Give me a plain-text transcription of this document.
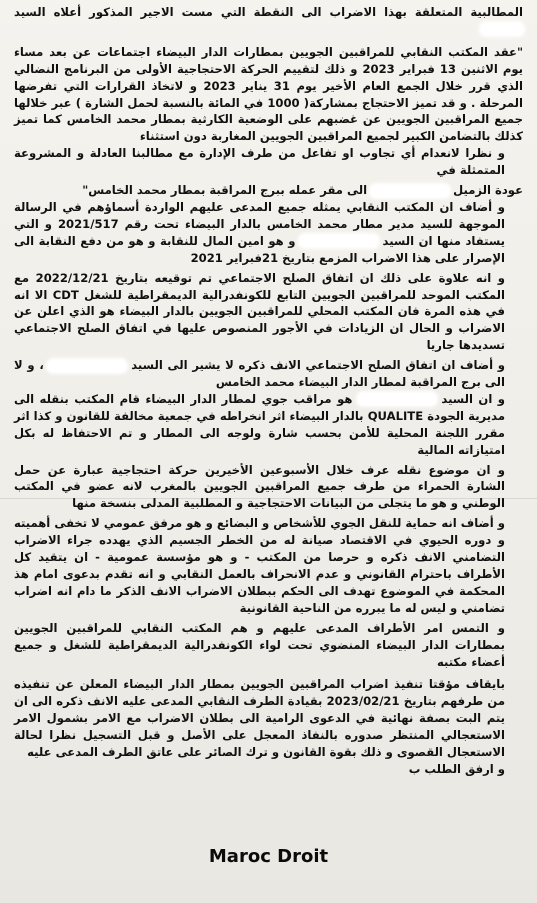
المطالبية المتعلقة بهذا الاضراب الى النقطة التي مست الاجير المذكور أعلاه السيد

"عقد المكتب النقابي للمراقبين الجويين بمطارات الدار البيضاء اجتماعات عن بعد مساء يوم الاثنين 13 فبراير 2023 و ذلك لتقييم الحركة الاحتجاجية الأولى من البرنامج النضالي الذي قرر خلال الجمع العام الأخير يوم 31 يناير 2023 و لاتخاذ القرارات التي تفرضها المرحلة . و قد تميز الاحتجاج بمشاركة( 1000 في المائة بالنسبة لحمل الشارة ) عبر خلالها جميع المراقبين الجويين عن غضبهم على الوضعية الكارثية بمطار محمد الخامس كما تميز كذلك بالتضامن الكبير لجميع المراقبين الجويين المغاربة دون استثناء

و نظرا لانعدام أي تجاوب او تفاعل من طرف الإدارة مع مطالبنا العادلة و المشروعة المتمثلة في

عودة الزميل  الى مقر عمله ببرج المراقبة بمطار محمد الخامس"

و أضاف ان المكتب النقابي يمثله جميع المدعى عليهم الواردة أسماؤهم في الرسالة الموجهة للسيد مدير مطار محمد الخامس بالدار البيضاء تحت رقم 2021/517 و التي يستفاد منها ان السيد  و هو امين المال للنقابة و هو من دفع النقابة الى الإصرار على هذا الاضراب المزمع بتاريخ 21فبراير 2021

و انه علاوة على ذلك ان اتفاق الصلح الاجتماعي تم توقيعه بتاريخ 2022/12/21 مع المكتب الموحد للمراقبين الجويين التابع للكونفدرالية الديمقراطية للشغل CDT الا انه في هذه المرة فان المكتب المحلي للمراقبين الجويين بالدار البيضاء هو الذي اعلن عن الاضراب و الحال ان الزيادات في الأجور المنصوص عليها في اتفاق الصلح الاجتماعي تسديدها جاريا

و أضاف ان اتفاق الصلح الاجتماعي الانف ذكره لا يشير الى السيد  ، و لا الى برج المراقبة لمطار الدار البيضاء محمد الخامس

و ان السيد  هو مراقب جوي لمطار الدار البيضاء قام المكتب بنقله الى مديرية الجودة QUALITE بالدار البيضاء اثر انخراطه في جمعية مخالفة للقانون و كذا اثر مقرر اللجنة المحلية للأمن بحسب شارة ولوجه الى المطار و تم الاحتفاظ له بكل امتيازاته المالية

و ان موضوع نقله عرف خلال الأسبوعين الأخيرين حركة احتجاجية عبارة عن حمل الشارة الحمراء من طرف جميع المراقبين الجويين بالمغرب لانه عضو في المكتب الوطني و هو ما يتجلى من البيانات الاحتجاجية و المطلبية المدلى بنسخة منها

و أضاف انه حماية للنقل الجوي للأشخاص و البضائع و هو مرفق عمومي لا تخفى أهميته و دوره الحيوي في الاقتصاد صيانة له من الخطر الجسيم الذي يهدده جراء الاضراب التضامني الانف ذكره و حرصا من المكتب - و هو مؤسسة عمومية - ان يتقيد كل الأطراف باحترام القانوني و عدم الانحراف بالعمل النقابي و انه تقدم بدعوى امام هذ المحكمة في الموضوع تهدف الى الحكم ببطلان الاضراب الانف الذكر ما دام انه اضراب تضامني و ليس له ما يبرره من الناحية القانونية

و التمس امر الأطراف المدعى عليهم و هم المكتب النقابي للمراقبين الجويين بمطارات الدار البيضاء المنضوي تحت لواء الكونفدرالية الديمقراطية للشغل و جميع أعضاء مكتبه

بايقاف مؤقتا تنفيذ اضراب المراقبين الجويين بمطار الدار البيضاء المعلن عن تنفيذه من طرفهم بتاريخ 2023/02/21 بقيادة الطرف النقابي المدعى عليه الانف ذكره الى ان يتم البت بصفة نهائية في الدعوى الرامية الى بطلان الاضراب مع الامر بشمول الامر الاستعجالي المنتظر صدوره بالنفاذ المعجل على الأصل و قبل التسجيل نظرا لحالة الاستعجال القصوى و ذلك بقوة القانون و ترك الصائر على عاتق الطرف المدعى عليه

و ارفق الطلب ب

Maroc Droit
